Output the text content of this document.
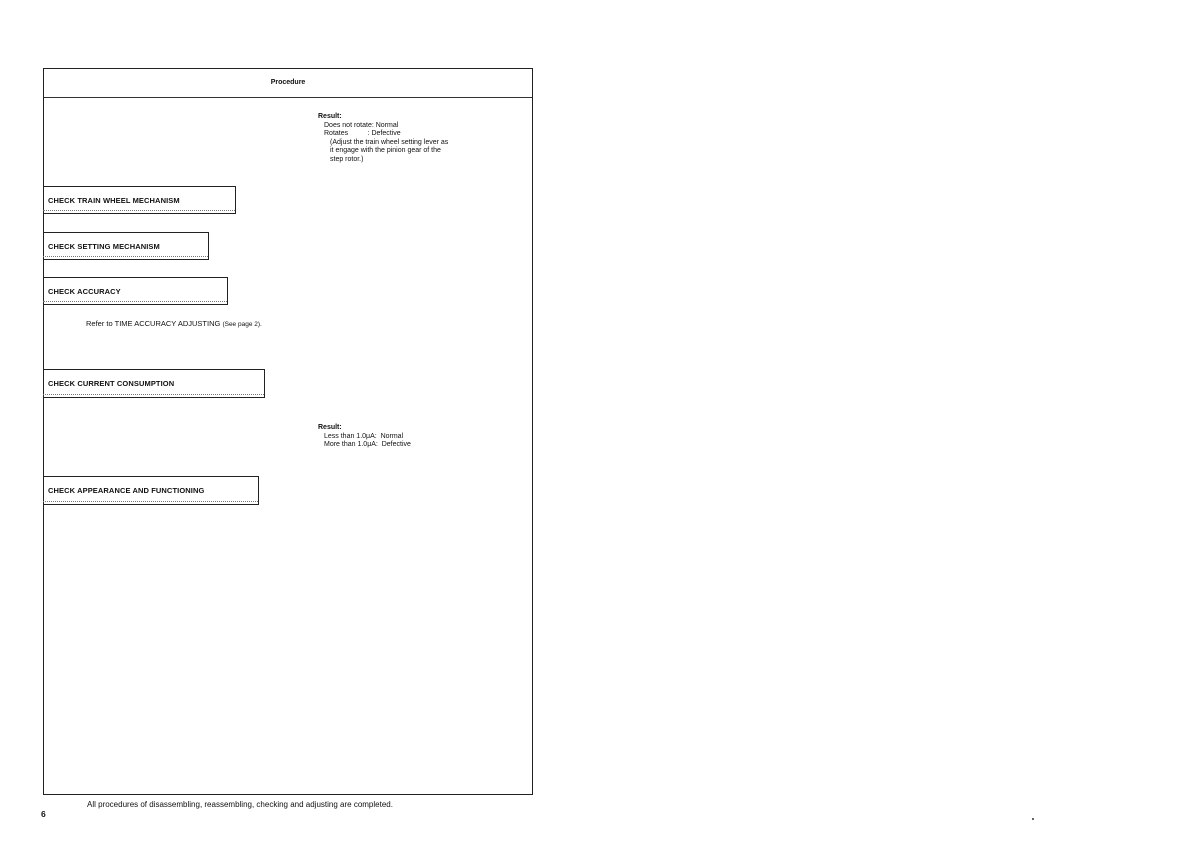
Procedure
Result:
Does not rotate: Normal
Rotates          : Defective
(Adjust the train wheel setting lever as
it engage with the pinion gear of the
step rotor.)
CHECK TRAIN WHEEL MECHANISM
CHECK SETTING MECHANISM
CHECK ACCURACY
Refer to TIME ACCURACY ADJUSTING (See page 2).
CHECK CURRENT CONSUMPTION
Result:
Less than 1.0μA:  Normal
More than 1.0μA:  Defective
CHECK APPEARANCE AND FUNCTIONING
All procedures of disassembling, reassembling, checking and adjusting are completed.
6
